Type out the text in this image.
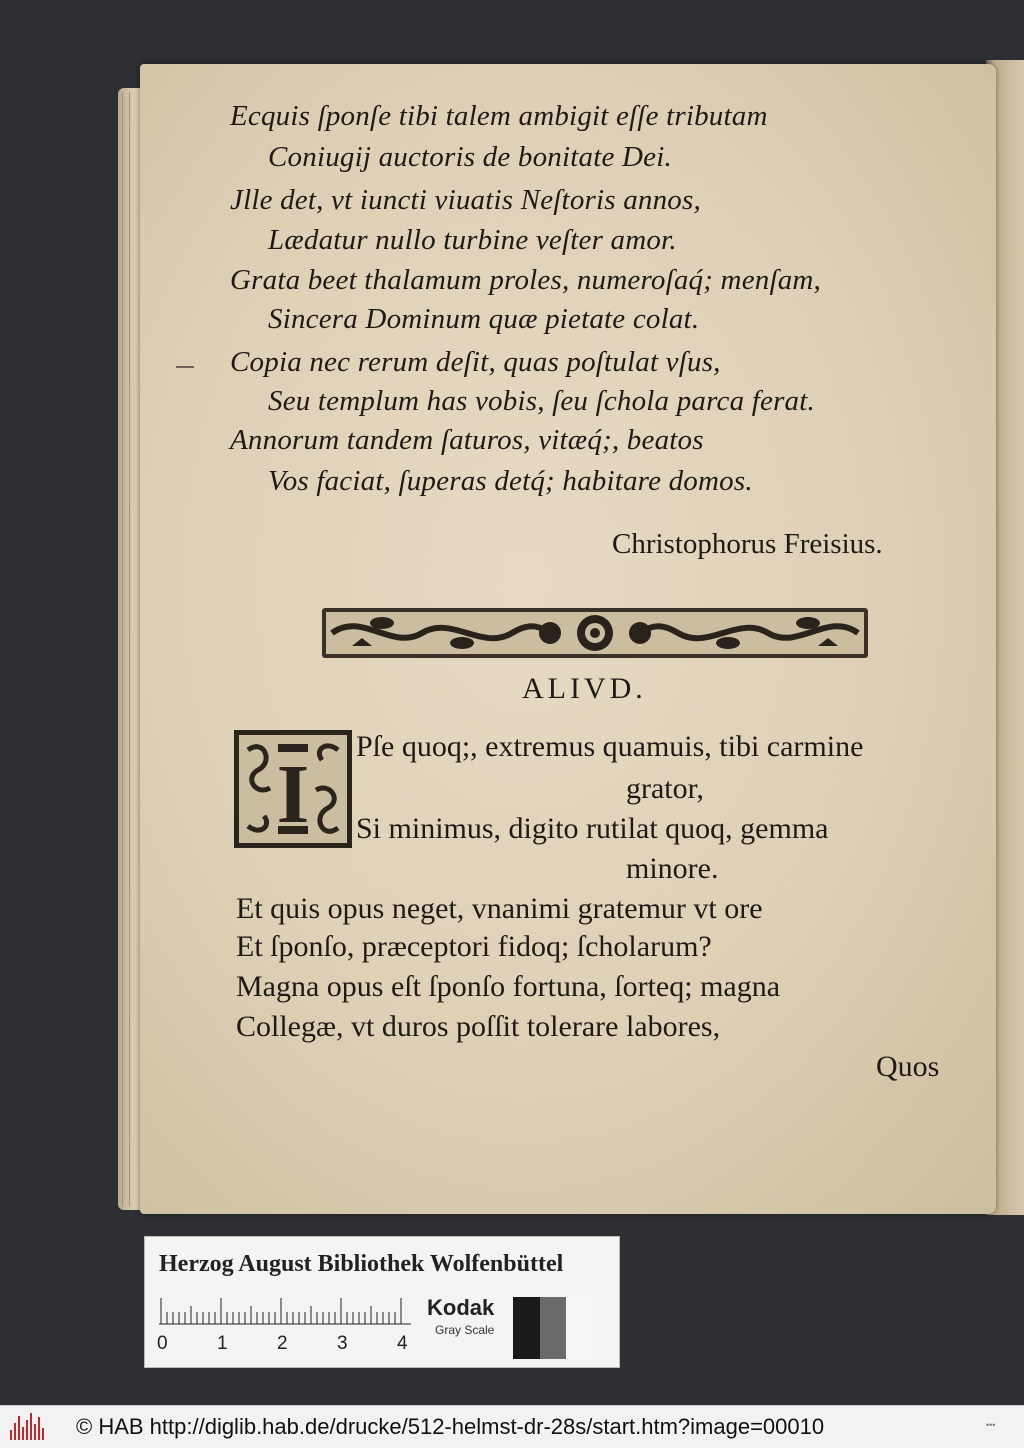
Ecquis ſponſe tibi talem ambigit eſſe tributam
Coniugij auctoris de bonitate Dei.
Jlle det, vt iuncti viuatis Neſtoris annos,
Lædatur nullo turbine veſter amor.
Grata beet thalamum proles, numeroſaq́; menſam,
Sincera Dominum quæ pietate colat.
Copia nec rerum deſit, quas poſtulat vſus,
Seu templum has vobis, ſeu ſchola parca ferat.
Annorum tandem ſaturos, vitæq́;, beatos
Vos faciat, ſuperas detq́; habitare domos.
Christophorus Freisius.
ALIVD.
I
Pſe quoq;, extremus quamuis, tibi carmine
grator,
Si minimus, digito rutilat quoq, gemma
minore.
Et quis opus neget, vnanimi gratemur vt ore
Et ſponſo, præceptori fidoq; ſcholarum?
Magna opus eſt ſponſo fortuna, ſorteq; magna
Collegæ, vt duros poſſit tolerare labores,
Quos
Herzog August Bibliothek Wolfenbüttel
0	1	2	3	4
Kodak
Gray Scale
© HAB http://diglib.hab.de/drucke/512-helmst-dr-28s/start.htm?image=00010	•••
